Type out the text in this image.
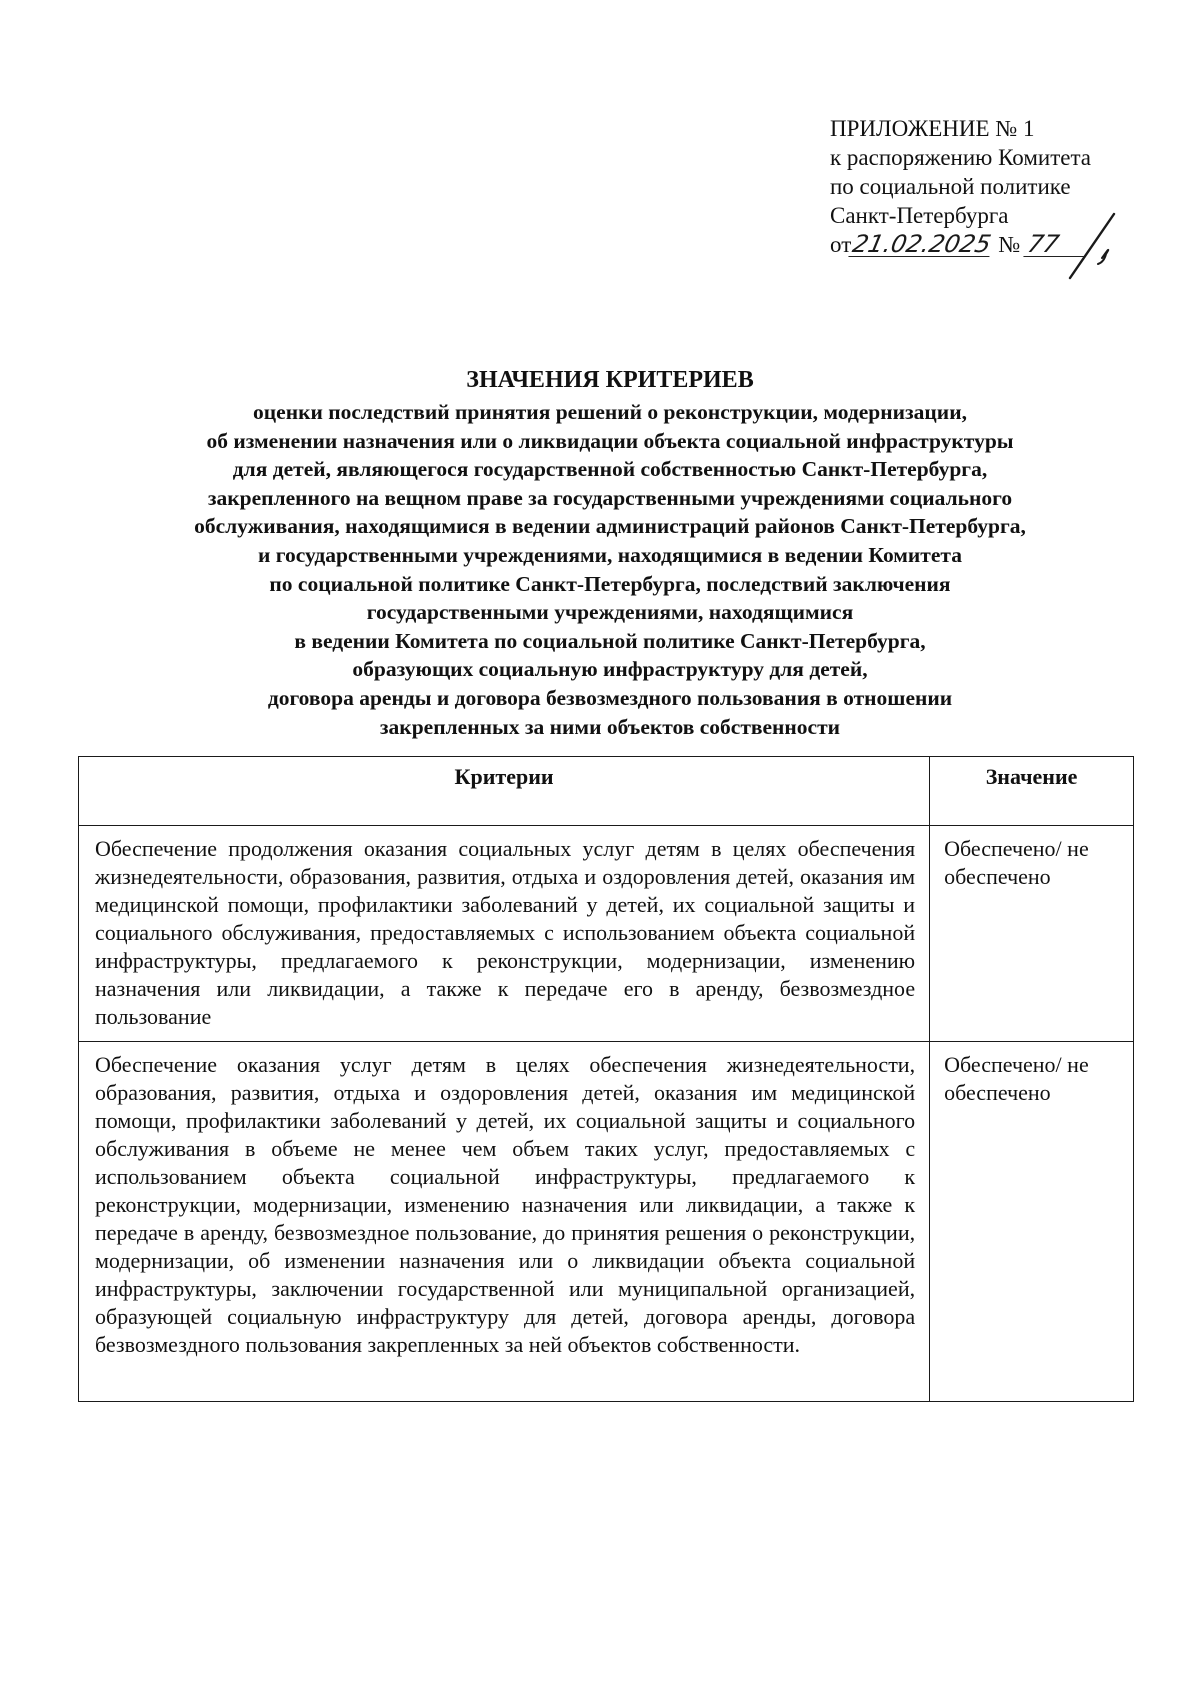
ПРИЛОЖЕНИЕ № 1
к распоряжению Комитета
по социальной политике
Санкт-Петербурга
от21.02.2025 № 77
ЗНАЧЕНИЯ КРИТЕРИЕВ
оценки последствий принятия решений о реконструкции, модернизации,
об изменении назначения или о ликвидации объекта социальной инфраструктуры
для детей, являющегося государственной собственностью Санкт-Петербурга,
закрепленного на вещном праве за государственными учреждениями социального
обслуживания, находящимися в ведении администраций районов Санкт-Петербурга,
и государственными учреждениями, находящимися в ведении Комитета
по социальной политике Санкт-Петербурга, последствий заключения
государственными учреждениями, находящимися
в ведении Комитета по социальной политике Санкт-Петербурга,
образующих социальную инфраструктуру для детей,
договора аренды и договора безвозмездного пользования в отношении
закрепленных за ними объектов собственности
Критерии	Значение
Обеспечение продолжения оказания социальных услуг детям в целях обеспечения жизнедеятельности, образования, развития, отдыха и оздоровления детей, оказания им медицинской помощи, профилактики заболеваний у детей, их социальной защиты и социального обслуживания, предоставляемых с использованием объекта социальной инфраструктуры, предлагаемого к реконструкции, модернизации, изменению назначения или ликвидации, а также к передаче его в аренду, безвозмездное пользование	Обеспечено/ не обеспечено
Обеспечение оказания услуг детям в целях обеспечения жизнедеятельности, образования, развития, отдыха и оздоровления детей, оказания им медицинской помощи, профилактики заболеваний у детей, их социальной защиты и социального обслуживания в объеме не менее чем объем таких услуг, предоставляемых с использованием объекта социальной инфраструктуры, предлагаемого к реконструкции, модернизации, изменению назначения или ликвидации, а также к передаче в аренду, безвозмездное пользование, до принятия решения о реконструкции, модернизации, об изменении назначения или о ликвидации объекта социальной инфраструктуры, заключении государственной или муниципальной организацией, образующей социальную инфраструктуру для детей, договора аренды, договора безвозмездного пользования закрепленных за ней объектов собственности.	Обеспечено/ не обеспечено
